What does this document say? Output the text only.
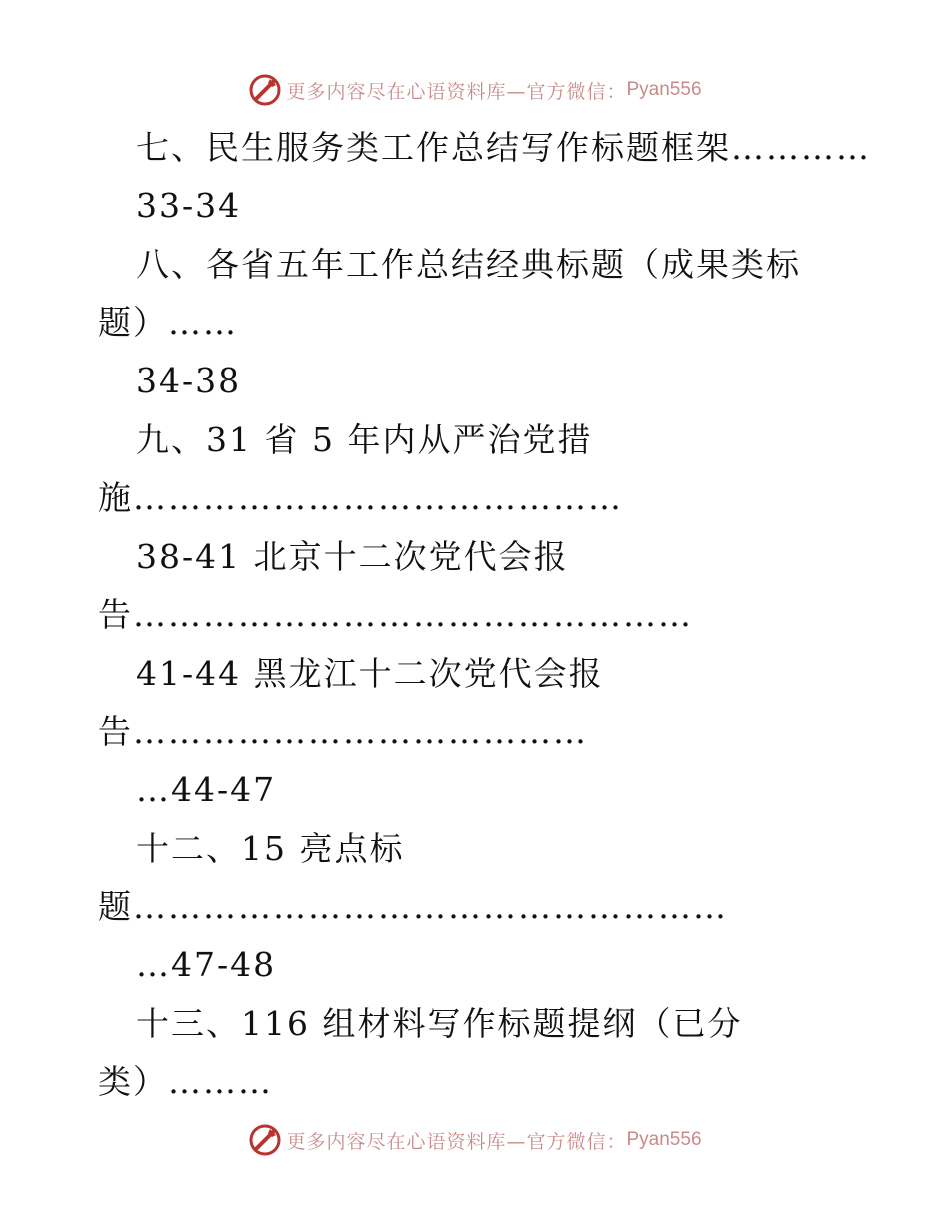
更多内容尽在心语资料库—官方微信： Pyan556
七、民生服务类工作总结写作标题框架…………
33-34
八、各省五年工作总结经典标题（成果类标
题）……
34-38
九、31 省 5 年内从严治党措
施……………………………………
38-41 北京十二次党代会报
告…………………………………………
41-44 黑龙江十二次党代会报
告…………………………………
…44-47
十二、15 亮点标
题……………………………………………
…47-48
十三、116 组材料写作标题提纲（已分
类）………
更多内容尽在心语资料库—官方微信： Pyan556
